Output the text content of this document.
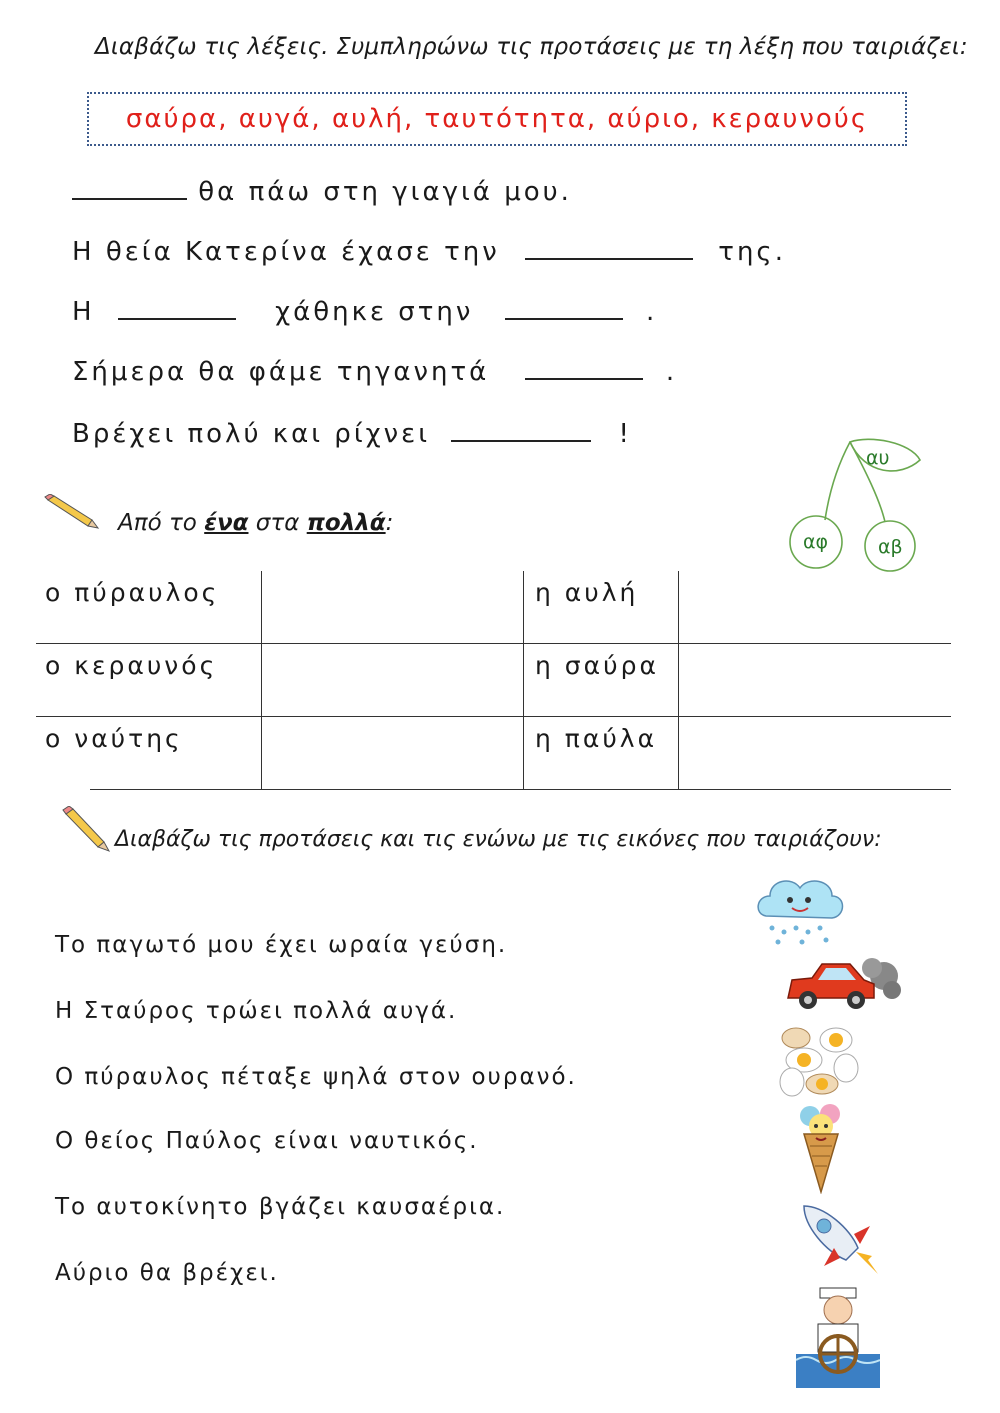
Διαβάζω τις λέξεις. Συμπληρώνω τις προτάσεις με τη λέξη που ταιριάζει:
σαύρα, αυγά, αυλή, ταυτότητα, αύριο, κεραυνούς
θα πάω στη γιαγιά μου.
Η θεία Κατερίνα έχασε την	της.
Η	χάθηκε στην	.
Σήμερα θα φάμε τηγανητά	.
Βρέχει πολύ και ρίχνει	!
αυ
αφ	αβ
Από το ένα στα πολλά:
ο πύραυλος	η αυλή
ο κεραυνός	η σαύρα
ο ναύτης	η παύλα
Διαβάζω τις προτάσεις και τις ενώνω με τις εικόνες που ταιριάζουν:
Το παγωτό μου έχει ωραία γεύση.
Η Σταύρος τρώει πολλά αυγά.
Ο πύραυλος πέταξε ψηλά στον ουρανό.
Ο θείος Παύλος είναι ναυτικός.
Το αυτοκίνητο βγάζει καυσαέρια.
Αύριο θα βρέχει.
